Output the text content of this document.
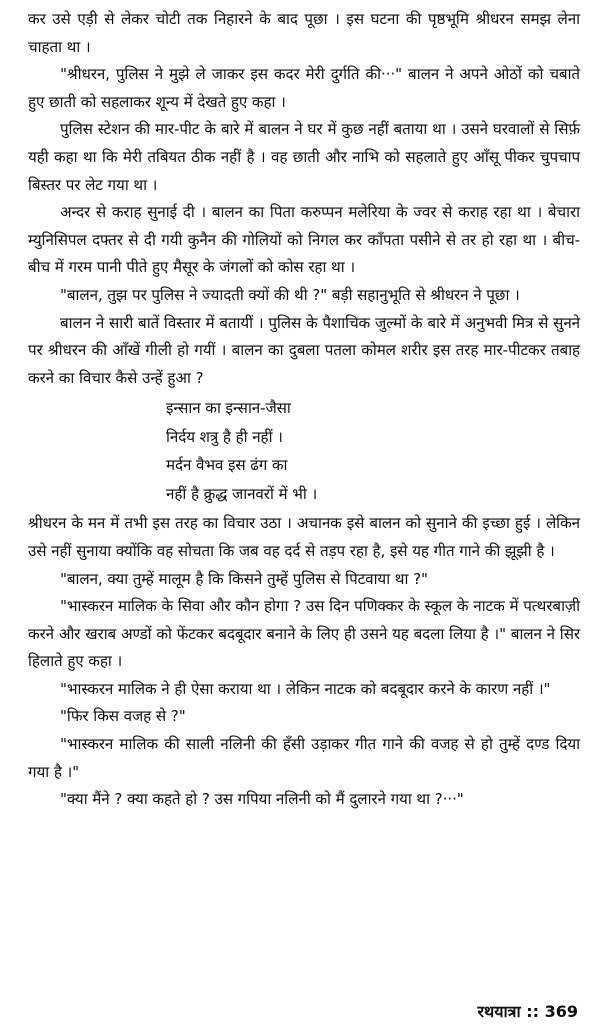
कर उसे एड़ी से लेकर चोटी तक निहारने के बाद पूछा । इस घटना की पृष्ठभूमि श्रीधरन समझ लेना चाहता था ।

"श्रीधरन, पुलिस ने मुझे ले जाकर इस कदर मेरी दुर्गति की···" बालन ने अपने ओठों को चबाते हुए छाती को सहलाकर शून्य में देखते हुए कहा ।

पुलिस स्टेशन की मार-पीट के बारे में बालन ने घर में कुछ नहीं बताया था । उसने घरवालों से सिर्फ़ यही कहा था कि मेरी तबियत ठीक नहीं है । वह छाती और नाभि को सहलाते हुए आँसू पीकर चुपचाप बिस्तर पर लेट गया था ।

अन्दर से कराह सुनाई दी । बालन का पिता करुप्पन मलेरिया के ज्वर से कराह रहा था । बेचारा म्युनिसिपल दफ्तर से दी गयी कुनैन की गोलियों को निगल कर काँपता पसीने से तर हो रहा था । बीच-बीच में गरम पानी पीते हुए मैसूर के जंगलों को कोस रहा था ।

"बालन, तुझ पर पुलिस ने ज्यादती क्यों की थी ?" बड़ी सहानुभूति से श्रीधरन ने पूछा ।

बालन ने सारी बातें विस्तार में बतायीं । पुलिस के पैशाचिक जुल्मों के बारे में अनुभवी मित्र से सुनने पर श्रीधरन की आँखें गीली हो गयीं । बालन का दुबला पतला कोमल शरीर इस तरह मार-पीटकर तबाह करने का विचार कैसे उन्हें हुआ ?

इन्सान का इन्सान-जैसा
निर्दय शत्रु है ही नहीं ।
मर्दन वैभव इस ढंग का
नहीं है क्रुद्ध जानवरों में भी ।

श्रीधरन के मन में तभी इस तरह का विचार उठा । अचानक इसे बालन को सुनाने की इच्छा हुई । लेकिन उसे नहीं सुनाया क्योंकि वह सोचता कि जब वह दर्द से तड़प रहा है, इसे यह गीत गाने की झूझी है ।

"बालन, क्या तुम्हें मालूम है कि किसने तुम्हें पुलिस से पिटवाया था ?"

"भास्करन मालिक के सिवा और कौन होगा ? उस दिन पणिक्कर के स्कूल के नाटक में पत्थरबाज़ी करने और खराब अण्डों को फेंटकर बदबूदार बनाने के लिए ही उसने यह बदला लिया है ।" बालन ने सिर हिलाते हुए कहा ।

"भास्करन मालिक ने ही ऐसा कराया था । लेकिन नाटक को बदबूदार करने के कारण नहीं ।"

"फिर किस वजह से ?"

"भास्करन मालिक की साली नलिनी की हँसी उड़ाकर गीत गाने की वजह से हो तुम्हें दण्ड दिया गया है ।"

"क्या मैंने ? क्या कहते हो ? उस गपिया नलिनी को मैं दुलारने गया था ?···"

रथयात्रा :: 369
